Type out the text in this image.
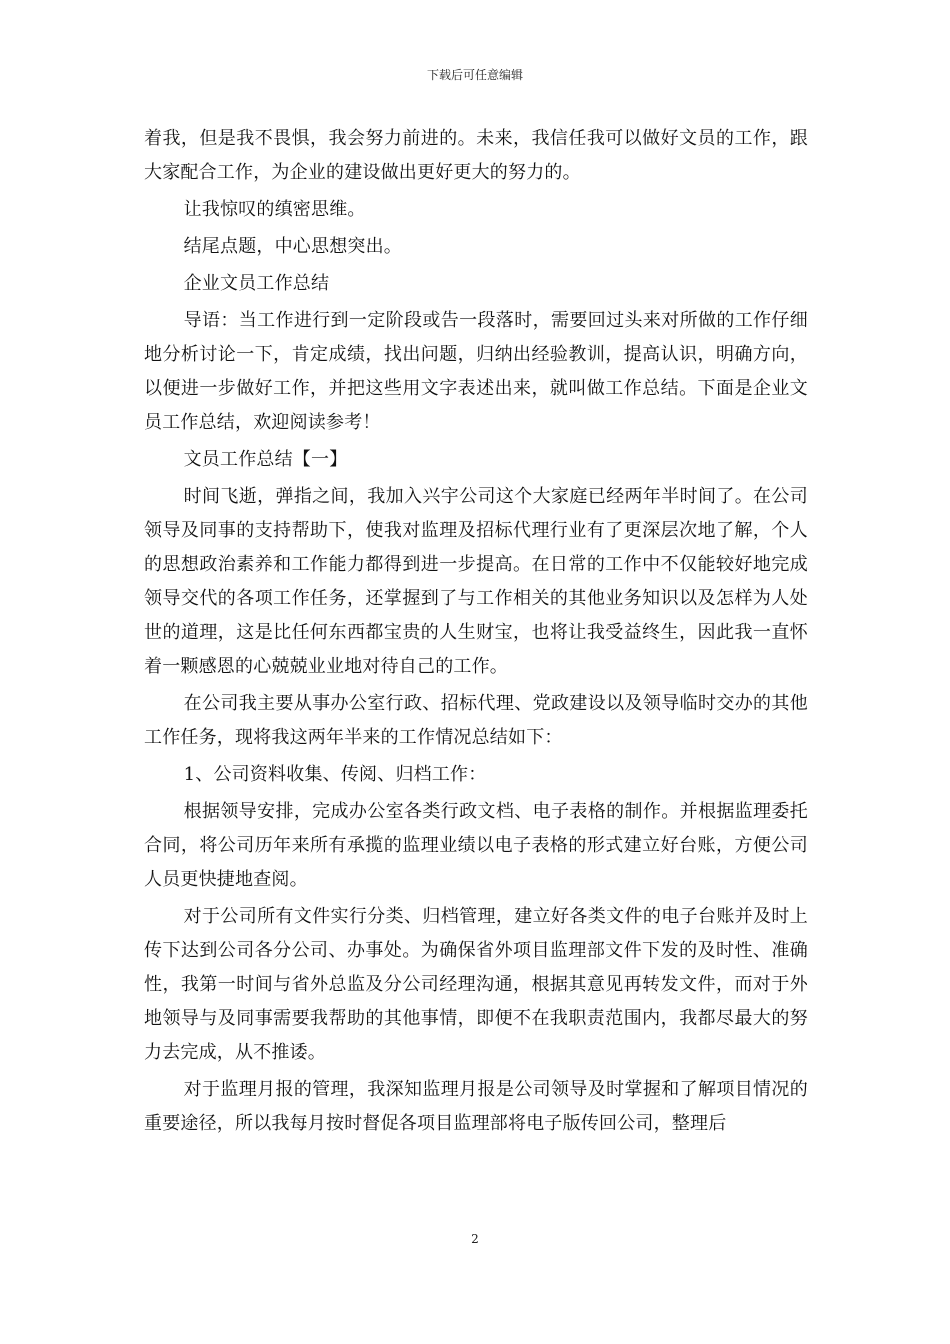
下载后可任意编辑

着我，但是我不畏惧，我会努力前进的。未来，我信任我可以做好文员的工作，跟大家配合工作，为企业的建设做出更好更大的努力的。

让我惊叹的缜密思维。

结尾点题，中心思想突出。

企业文员工作总结

导语：当工作进行到一定阶段或告一段落时，需要回过头来对所做的工作仔细地分析讨论一下，肯定成绩，找出问题，归纳出经验教训，提高认识，明确方向，以便进一步做好工作，并把这些用文字表述出来，就叫做工作总结。下面是企业文员工作总结，欢迎阅读参考！

文员工作总结【一】

时间飞逝，弹指之间，我加入兴宇公司这个大家庭已经两年半时间了。在公司领导及同事的支持帮助下，使我对监理及招标代理行业有了更深层次地了解，个人的思想政治素养和工作能力都得到进一步提高。在日常的工作中不仅能较好地完成领导交代的各项工作任务，还掌握到了与工作相关的其他业务知识以及怎样为人处世的道理，这是比任何东西都宝贵的人生财宝，也将让我受益终生，因此我一直怀着一颗感恩的心兢兢业业地对待自己的工作。

在公司我主要从事办公室行政、招标代理、党政建设以及领导临时交办的其他工作任务，现将我这两年半来的工作情况总结如下：

1、公司资料收集、传阅、归档工作：

根据领导安排，完成办公室各类行政文档、电子表格的制作。并根据监理委托合同，将公司历年来所有承揽的监理业绩以电子表格的形式建立好台账，方便公司人员更快捷地查阅。

对于公司所有文件实行分类、归档管理，建立好各类文件的电子台账并及时上传下达到公司各分公司、办事处。为确保省外项目监理部文件下发的及时性、准确性，我第一时间与省外总监及分公司经理沟通，根据其意见再转发文件，而对于外地领导与及同事需要我帮助的其他事情，即便不在我职责范围内，我都尽最大的努力去完成，从不推诿。

对于监理月报的管理，我深知监理月报是公司领导及时掌握和了解项目情况的重要途径，所以我每月按时督促各项目监理部将电子版传回公司，整理后

2
